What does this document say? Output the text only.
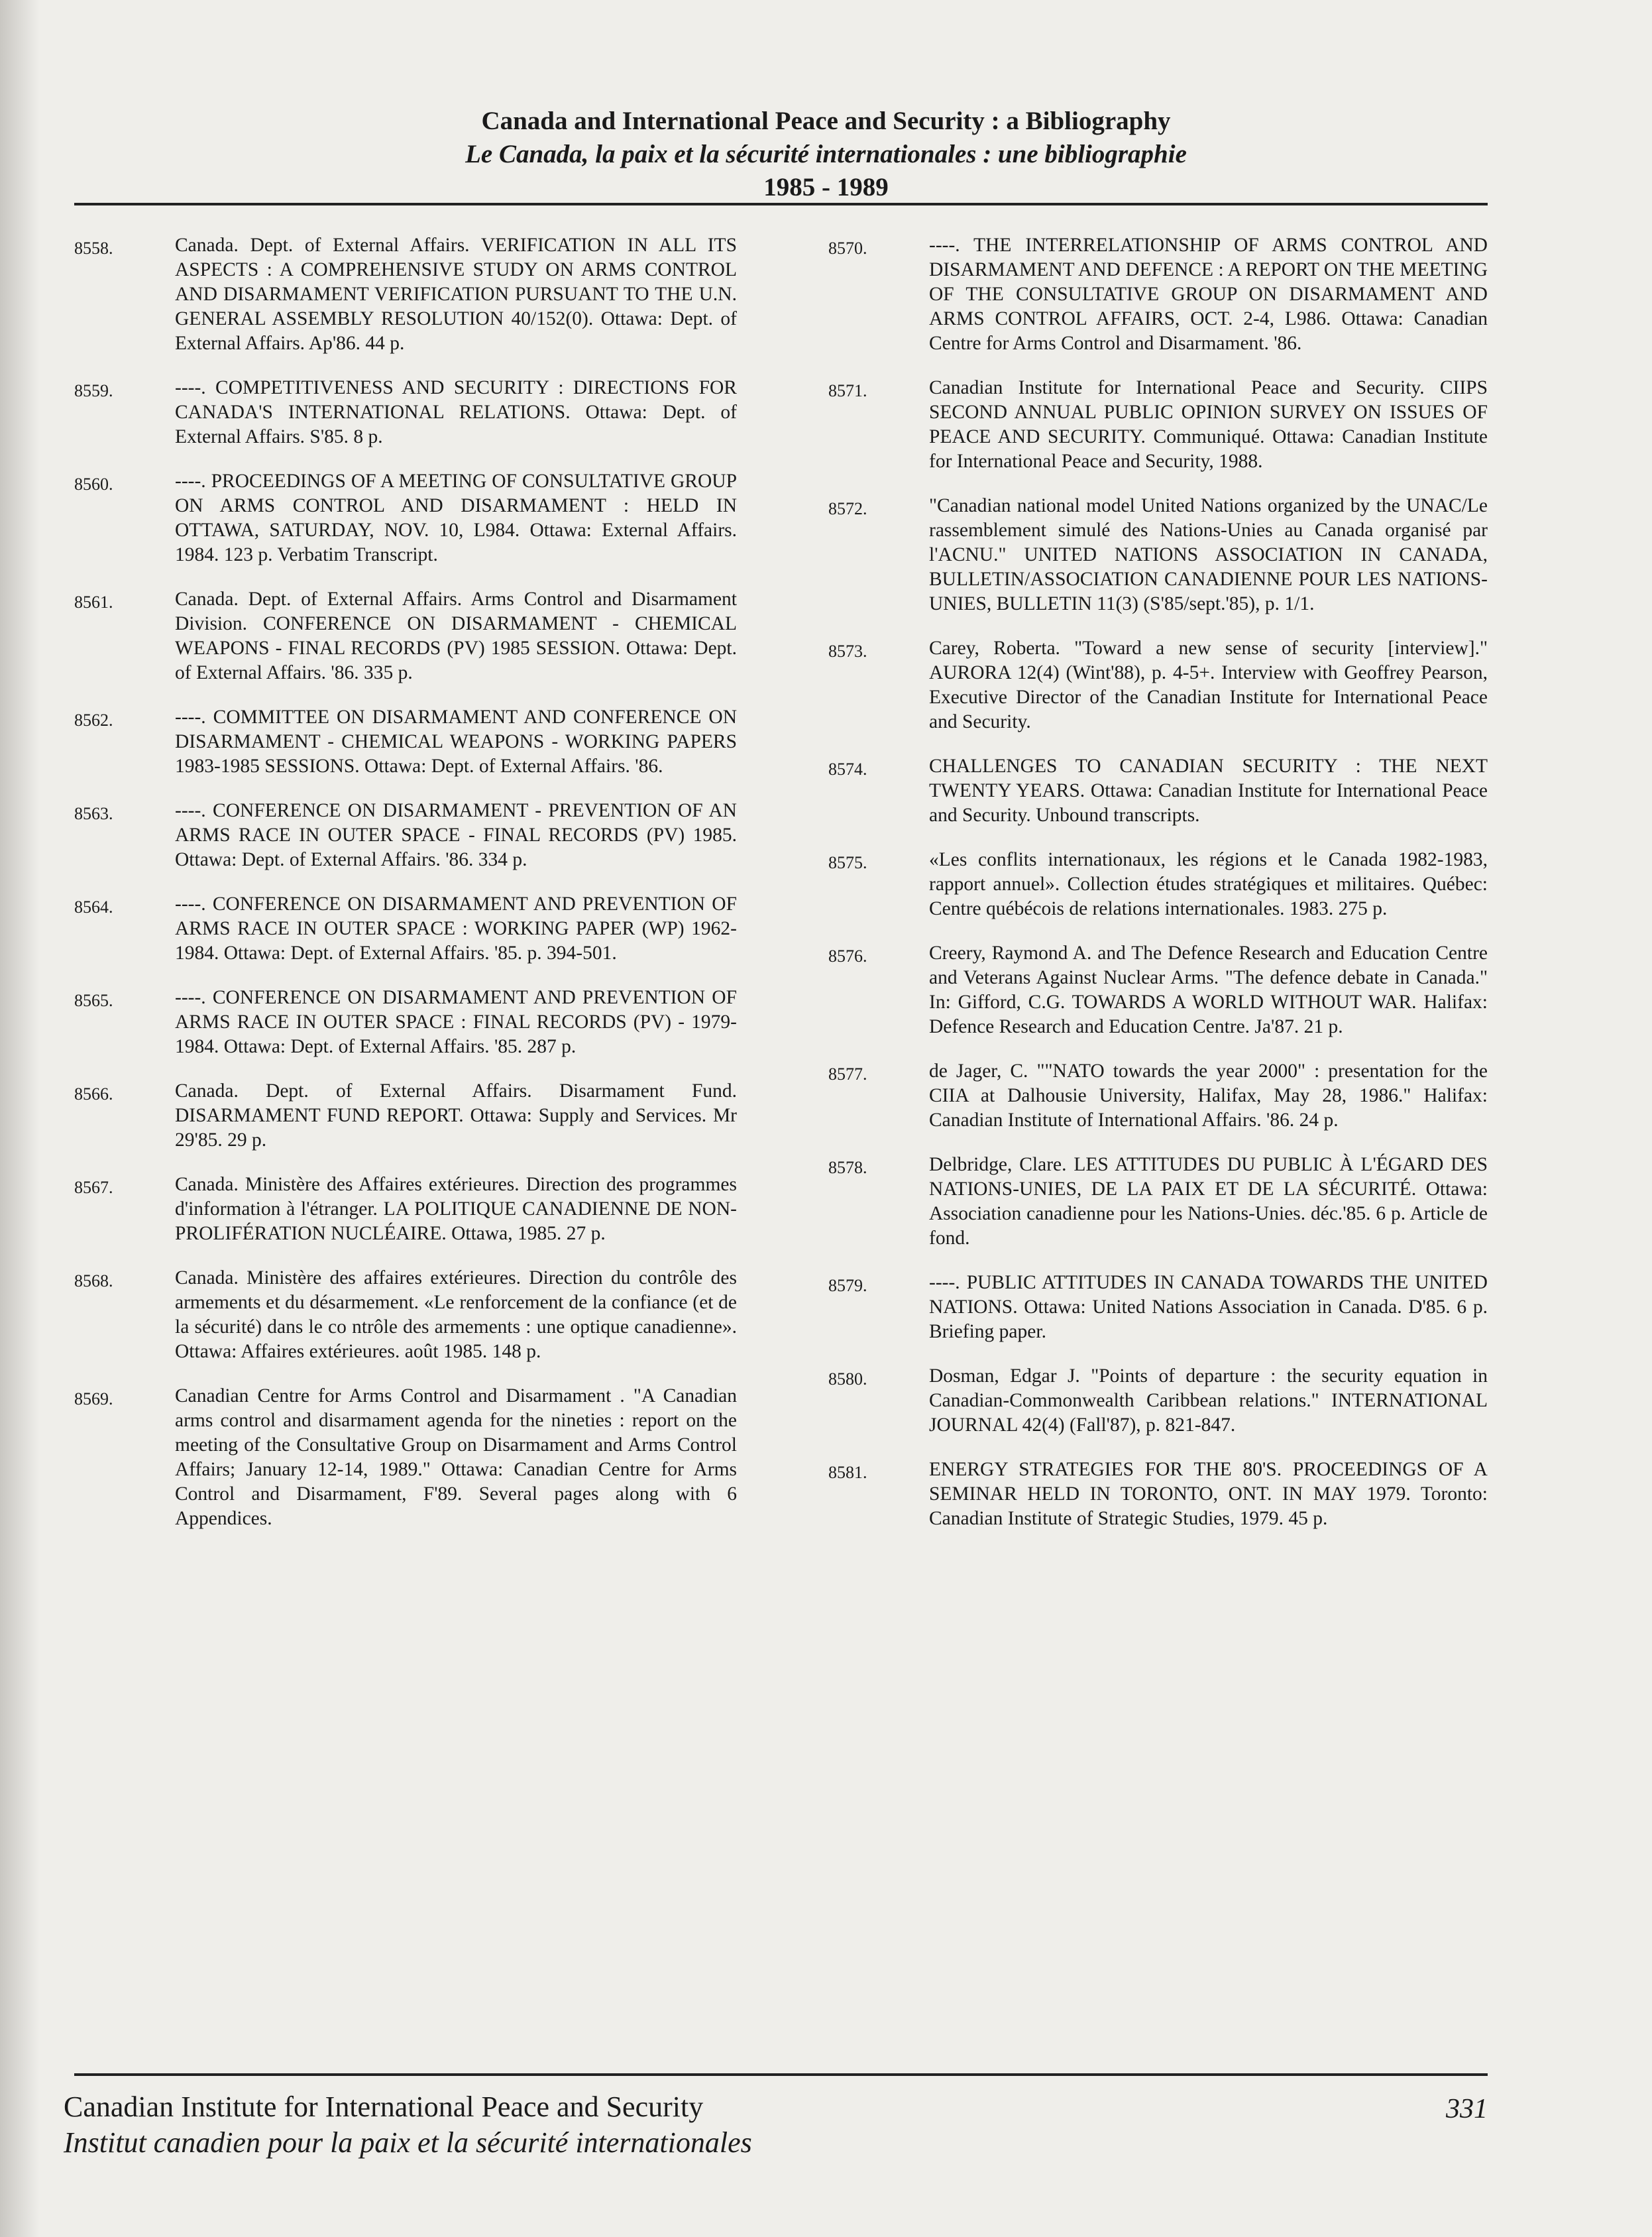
Canada and International Peace and Security : a Bibliography
Le Canada, la paix et la sécurité internationales : une bibliographie
1985 - 1989
8558.	Canada. Dept. of External Affairs. VERIFICATION IN ALL ITS ASPECTS : A COMPREHENSIVE STUDY ON ARMS CONTROL AND DISARMAMENT VERIFICATION PURSUANT TO THE U.N. GENERAL ASSEMBLY RESOLUTION 40/152(0). Ottawa: Dept. of External Affairs. Ap'86. 44 p.
8559.	----. COMPETITIVENESS AND SECURITY : DIRECTIONS FOR CANADA'S INTERNATIONAL RELATIONS. Ottawa: Dept. of External Affairs. S'85. 8 p.
8560.	----. PROCEEDINGS OF A MEETING OF CONSULTATIVE GROUP ON ARMS CONTROL AND DISARMAMENT : HELD IN OTTAWA, SATURDAY, NOV. 10, L984. Ottawa: External Affairs. 1984. 123 p. Verbatim Transcript.
8561.	Canada. Dept. of External Affairs. Arms Control and Disarmament Division. CONFERENCE ON DISARMAMENT - CHEMICAL WEAPONS - FINAL RECORDS (PV) 1985 SESSION. Ottawa: Dept. of External Affairs. '86. 335 p.
8562.	----. COMMITTEE ON DISARMAMENT AND CONFERENCE ON DISARMAMENT - CHEMICAL WEAPONS - WORKING PAPERS 1983-1985 SESSIONS. Ottawa: Dept. of External Affairs. '86.
8563.	----. CONFERENCE ON DISARMAMENT - PREVENTION OF AN ARMS RACE IN OUTER SPACE - FINAL RECORDS (PV) 1985. Ottawa: Dept. of External Affairs. '86. 334 p.
8564.	----. CONFERENCE ON DISARMAMENT AND PREVENTION OF ARMS RACE IN OUTER SPACE : WORKING PAPER (WP) 1962-1984. Ottawa: Dept. of External Affairs. '85. p. 394-501.
8565.	----. CONFERENCE ON DISARMAMENT AND PREVENTION OF ARMS RACE IN OUTER SPACE : FINAL RECORDS (PV) - 1979-1984. Ottawa: Dept. of External Affairs. '85. 287 p.
8566.	Canada. Dept. of External Affairs. Disarmament Fund. DISARMAMENT FUND REPORT. Ottawa: Supply and Services. Mr 29'85. 29 p.
8567.	Canada. Ministère des Affaires extérieures. Direction des programmes d'information à l'étranger. LA POLITIQUE CANADIENNE DE NON-PROLIFÉRATION NUCLÉAIRE. Ottawa, 1985. 27 p.
8568.	Canada. Ministère des affaires extérieures. Direction du contrôle des armements et du désarmement. «Le renforcement de la confiance (et de la sécurité) dans le co ntrôle des armements : une optique canadienne». Ottawa: Affaires extérieures. août 1985. 148 p.
8569.	Canadian Centre for Arms Control and Disarmament . "A Canadian arms control and disarmament agenda for the nineties : report on the meeting of the Consultative Group on Disarmament and Arms Control Affairs; January 12-14, 1989." Ottawa: Canadian Centre for Arms Control and Disarmament, F'89. Several pages along with 6 Appendices.
8570.	----. THE INTERRELATIONSHIP OF ARMS CONTROL AND DISARMAMENT AND DEFENCE : A REPORT ON THE MEETING OF THE CONSULTATIVE GROUP ON DISARMAMENT AND ARMS CONTROL AFFAIRS, OCT. 2-4, L986. Ottawa: Canadian Centre for Arms Control and Disarmament. '86.
8571.	Canadian Institute for International Peace and Security. CIIPS SECOND ANNUAL PUBLIC OPINION SURVEY ON ISSUES OF PEACE AND SECURITY. Communiqué. Ottawa: Canadian Institute for International Peace and Security, 1988.
8572.	"Canadian national model United Nations organized by the UNAC/Le rassemblement simulé des Nations-Unies au Canada organisé par l'ACNU." UNITED NATIONS ASSOCIATION IN CANADA, BULLETIN/ASSOCIATION CANADIENNE POUR LES NATIONS-UNIES, BULLETIN 11(3) (S'85/sept.'85), p. 1/1.
8573.	Carey, Roberta. "Toward a new sense of security [interview]." AURORA 12(4) (Wint'88), p. 4-5+. Interview with Geoffrey Pearson, Executive Director of the Canadian Institute for International Peace and Security.
8574.	CHALLENGES TO CANADIAN SECURITY : THE NEXT TWENTY YEARS. Ottawa: Canadian Institute for International Peace and Security. Unbound transcripts.
8575.	«Les conflits internationaux, les régions et le Canada 1982-1983, rapport annuel». Collection études stratégiques et militaires. Québec: Centre québécois de relations internationales. 1983. 275 p.
8576.	Creery, Raymond A. and The Defence Research and Education Centre and Veterans Against Nuclear Arms. "The defence debate in Canada." In: Gifford, C.G. TOWARDS A WORLD WITHOUT WAR. Halifax: Defence Research and Education Centre. Ja'87. 21 p.
8577.	de Jager, C. ""NATO towards the year 2000" : presentation for the CIIA at Dalhousie University, Halifax, May 28, 1986." Halifax: Canadian Institute of International Affairs. '86. 24 p.
8578.	Delbridge, Clare. LES ATTITUDES DU PUBLIC À L'ÉGARD DES NATIONS-UNIES, DE LA PAIX ET DE LA SÉCURITÉ. Ottawa: Association canadienne pour les Nations-Unies. déc.'85. 6 p. Article de fond.
8579.	----. PUBLIC ATTITUDES IN CANADA TOWARDS THE UNITED NATIONS. Ottawa: United Nations Association in Canada. D'85. 6 p. Briefing paper.
8580.	Dosman, Edgar J. "Points of departure : the security equation in Canadian-Commonwealth Caribbean relations." INTERNATIONAL JOURNAL 42(4) (Fall'87), p. 821-847.
8581.	ENERGY STRATEGIES FOR THE 80'S. PROCEEDINGS OF A SEMINAR HELD IN TORONTO, ONT. IN MAY 1979. Toronto: Canadian Institute of Strategic Studies, 1979. 45 p.
Canadian Institute for International Peace and Security
Institut canadien pour la paix et la sécurité internationales
331
